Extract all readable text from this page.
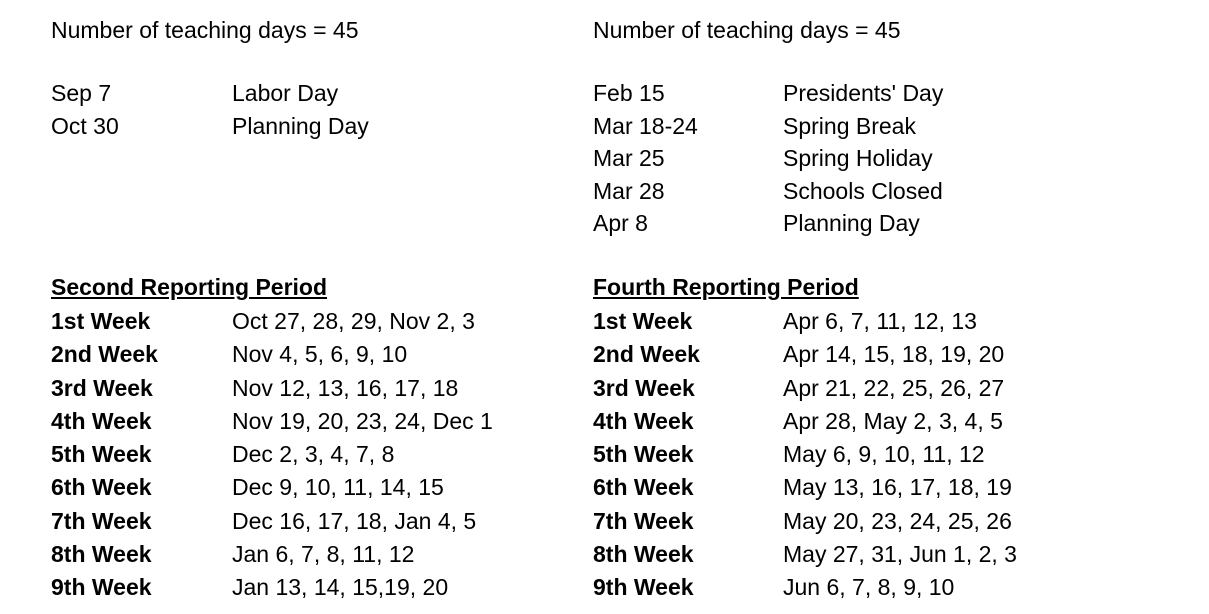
Number of teaching days = 45
Sep 7	Labor Day
Oct 30	Planning Day
Second Reporting Period
1st Week	Oct 27, 28, 29, Nov 2, 3
2nd Week	Nov 4, 5, 6, 9, 10
3rd Week	Nov 12, 13, 16, 17, 18
4th Week	Nov 19, 20, 23, 24, Dec 1
5th Week	Dec 2, 3, 4, 7, 8
6th Week	Dec 9, 10, 11, 14, 15
7th Week	Dec 16, 17, 18, Jan 4, 5
8th Week	Jan 6, 7, 8, 11, 12
9th Week	Jan 13, 14, 15,19, 20
Number of teaching days = 45
Feb 15	Presidents' Day
Mar 18-24	Spring Break
Mar 25	Spring Holiday
Mar 28	Schools Closed
Apr 8	Planning Day
Fourth Reporting Period
1st Week	Apr 6, 7, 11, 12, 13
2nd Week	Apr 14, 15, 18, 19, 20
3rd Week	Apr 21, 22, 25, 26, 27
4th Week	Apr 28, May 2, 3, 4, 5
5th Week	May 6, 9, 10, 11, 12
6th Week	May 13, 16, 17, 18, 19
7th Week	May 20, 23, 24, 25, 26
8th Week	May 27, 31, Jun 1, 2, 3
9th Week	Jun 6, 7, 8, 9, 10
